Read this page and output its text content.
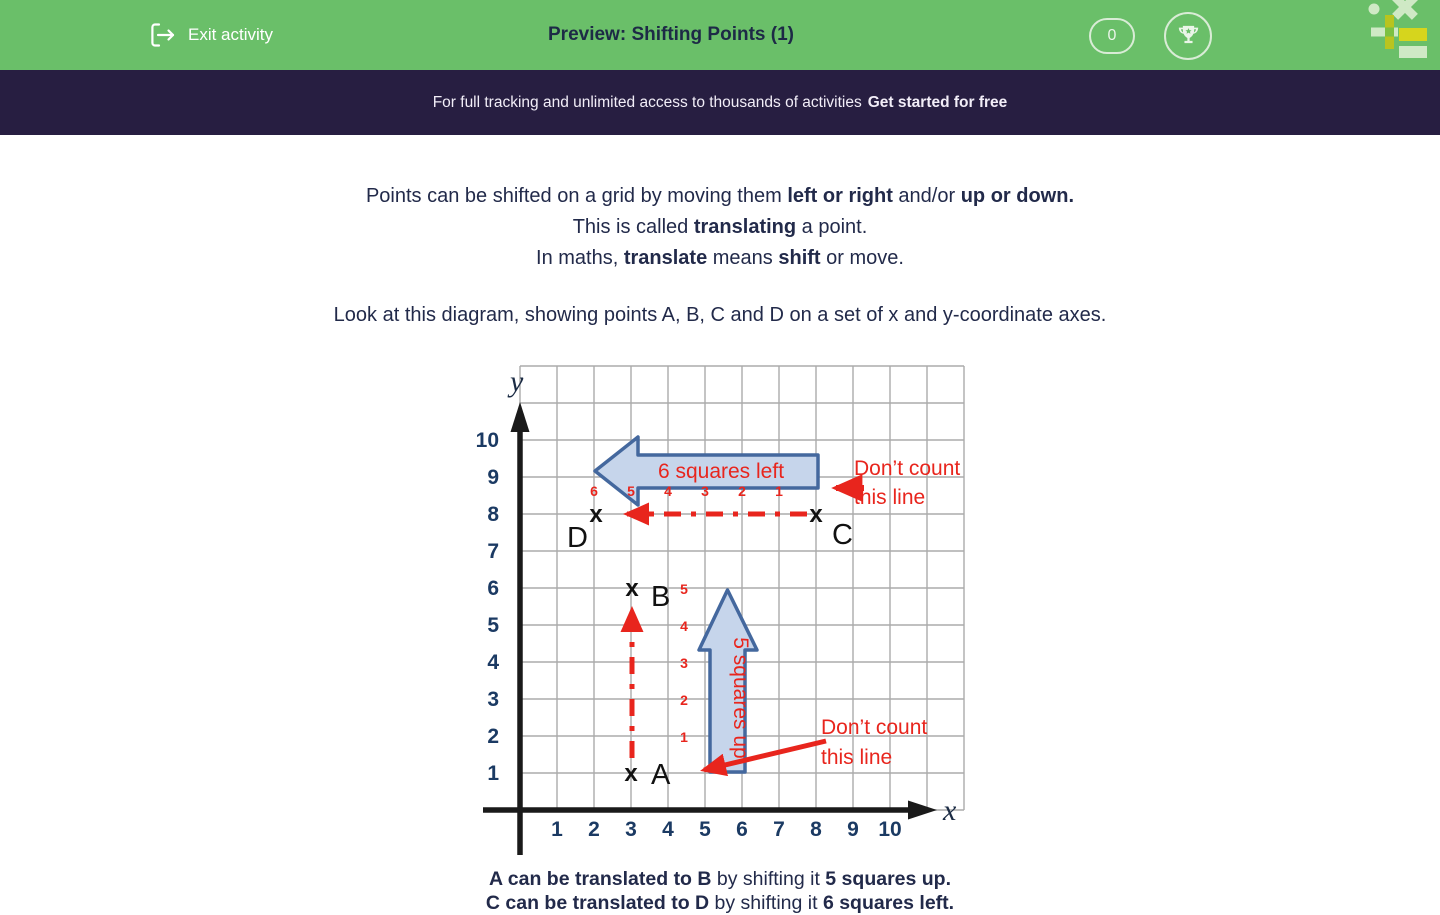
Exit activity	Preview: Shifting Points (1)	0
For full tracking and unlimited access to thousands of activities Get started for free
Points can be shifted on a grid by moving them left or right and/or up or down.
This is called translating a point.
In maths, translate means shift or move.
Look at this diagram, showing points A, B, C and D on a set of x and y-coordinate axes.
y
x
10
9
8
7
6
5
4
3
2
1
1 2 3 4 5 6 7 8 9 10
6 squares left
5 squares up
6 5 4 3 2 1
5
4
3
2
1
x A
x B
x
C
x
D
Don’t count
this line
Don’t count
this line
A can be translated to B by shifting it 5 squares up.
C can be translated to D by shifting it 6 squares left.
